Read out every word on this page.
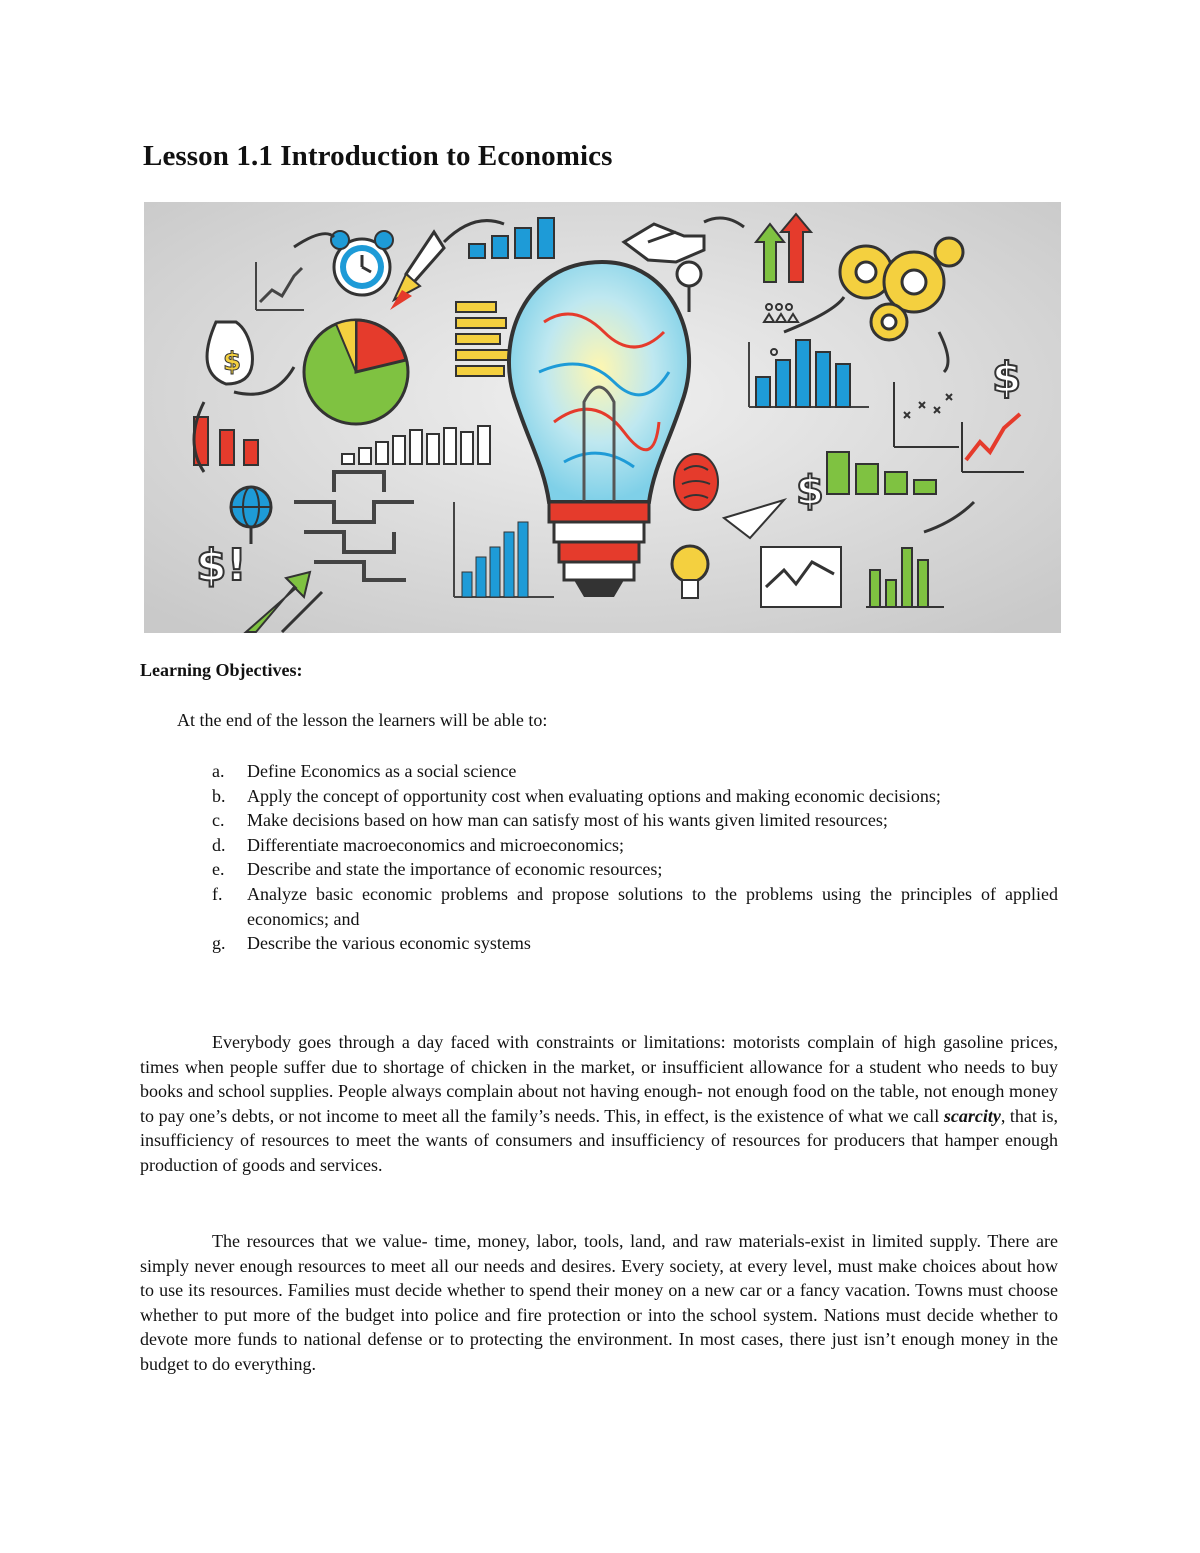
Lesson 1.1 Introduction to Economics
$
$!
$
$
Learning Objectives:

At the end of the lesson the learners will be able to:

a. Define Economics as a social science
b. Apply the concept of opportunity cost when evaluating options and making economic decisions;
c. Make decisions based on how man can satisfy most of his wants given limited resources;
d. Differentiate macroeconomics and microeconomics;
e. Describe and state the importance of economic resources;
f. Analyze basic economic problems and propose solutions to the problems using the principles of applied economics; and
g. Describe the various economic systems

Everybody goes through a day faced with constraints or limitations: motorists complain of high gasoline prices, times when people suffer due to shortage of chicken in the market, or insufficient allowance for a student who needs to buy books and school supplies. People always complain about not having enough- not enough food on the table, not enough money to pay one’s debts, or not income to meet all the family’s needs. This, in effect, is the existence of what we call scarcity, that is, insufficiency of resources to meet the wants of consumers and insufficiency of resources for producers that hamper enough production of goods and services.

The resources that we value- time, money, labor, tools, land, and raw materials-exist in limited supply. There are simply never enough resources to meet all our needs and desires. Every society, at every level, must make choices about how to use its resources. Families must decide whether to spend their money on a new car or a fancy vacation. Towns must choose whether to put more of the budget into police and fire protection or into the school system. Nations must decide whether to devote more funds to national defense or to protecting the environment. In most cases, there just isn’t enough money in the budget to do everything.
